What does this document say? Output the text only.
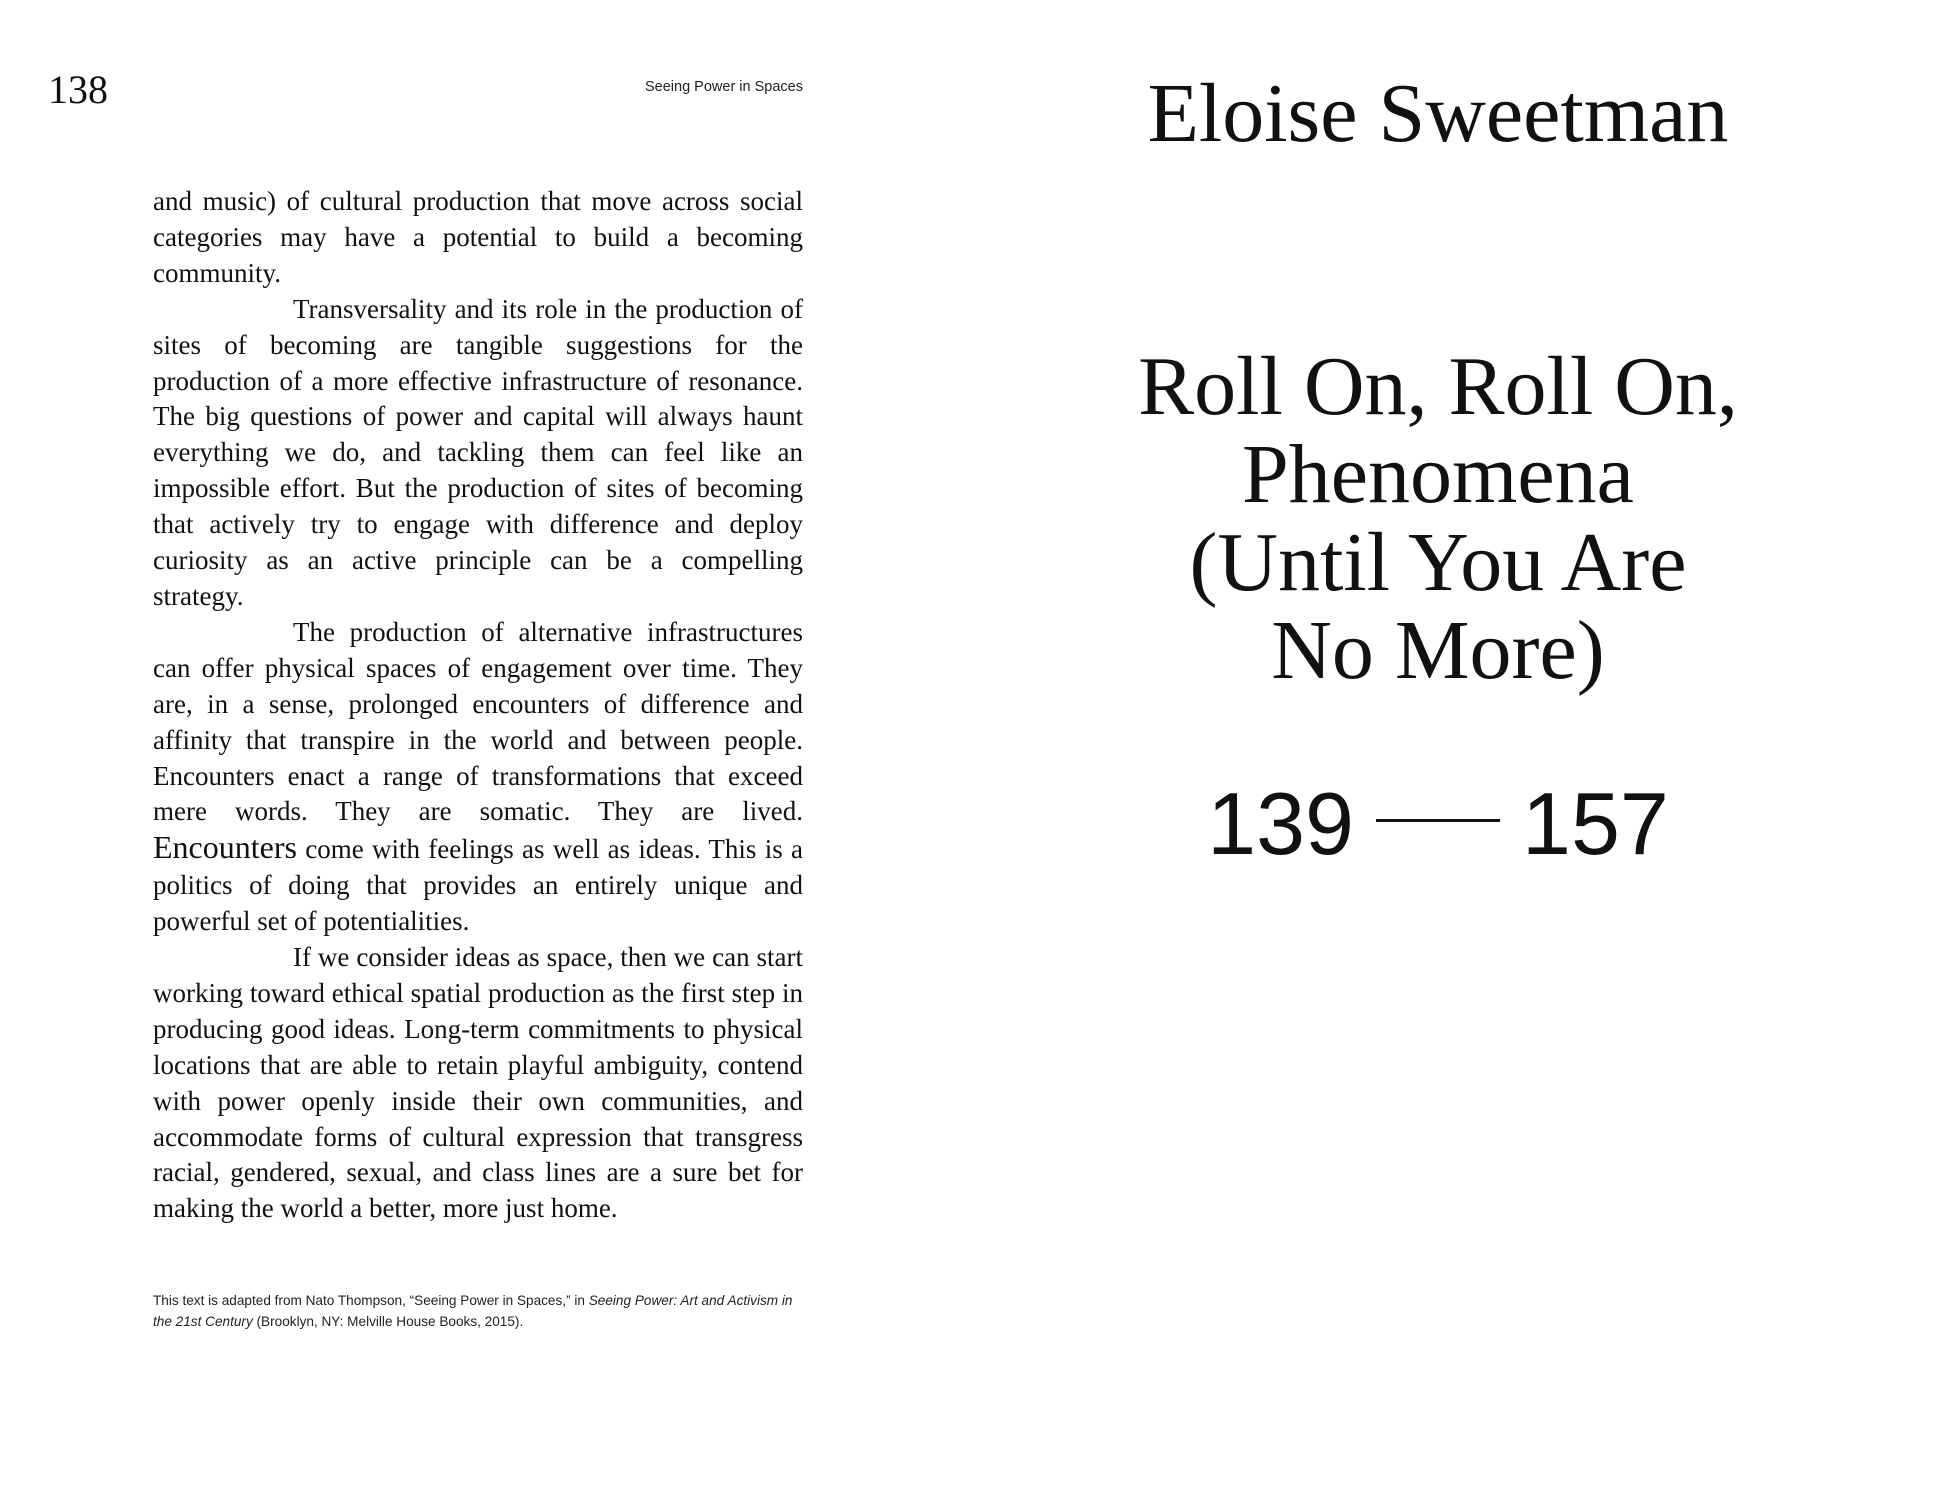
138	Seeing Power in Spaces

and music) of cultural production that move across social categories may have a potential to build a becoming community.

Transversality and its role in the production of sites of becoming are tangible suggestions for the production of a more effective infrastructure of resonance. The big questions of power and capital will always haunt everything we do, and tackling them can feel like an impossible effort. But the production of sites of becoming that actively try to engage with difference and deploy curiosity as an active principle can be a compelling strategy.

The production of alternative infrastructures can offer physical spaces of engagement over time. They are, in a sense, prolonged encounters of difference and affinity that transpire in the world and between people. Encounters enact a range of transformations that exceed mere words. They are somatic. They are lived. Encounters come with feelings as well as ideas. This is a politics of doing that provides an entirely unique and powerful set of potentialities.

If we consider ideas as space, then we can start working toward ethical spatial production as the first step in producing good ideas. Long-term commitments to physical locations that are able to retain playful ambiguity, contend with power openly inside their own communities, and accommodate forms of cultural expression that transgress racial, gendered, sexual, and class lines are a sure bet for making the world a better, more just home.

This text is adapted from Nato Thompson, “Seeing Power in Spaces,” in Seeing Power: Art and Activism in the 21st Century (Brooklyn, NY: Melville House Books, 2015).
Eloise Sweetman
Roll On, Roll On,
Phenomena
(Until You Are
No More)
139 157
